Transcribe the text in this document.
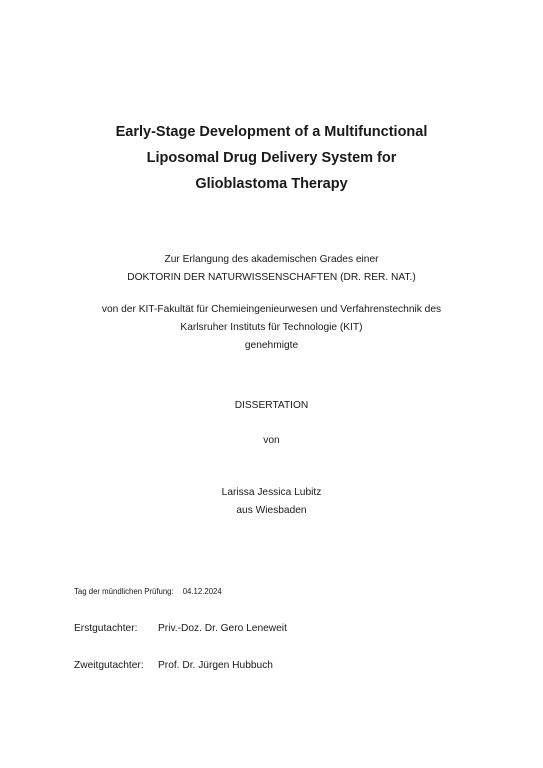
Early-Stage Development of a Multifunctional
Liposomal Drug Delivery System for
Glioblastoma Therapy
Zur Erlangung des akademischen Grades einer
DOKTORIN DER NATURWISSENSCHAFTEN (DR. RER. NAT.)
von der KIT-Fakultät für Chemieingenieurwesen und Verfahrenstechnik des
Karlsruher Instituts für Technologie (KIT)
genehmigte
DISSERTATION
von
Larissa Jessica Lubitz
aus Wiesbaden
Tag der mündlichen Prüfung: 04.12.2024
Erstgutachter: Priv.-Doz. Dr. Gero Leneweit
Zweitgutachter: Prof. Dr. Jürgen Hubbuch
